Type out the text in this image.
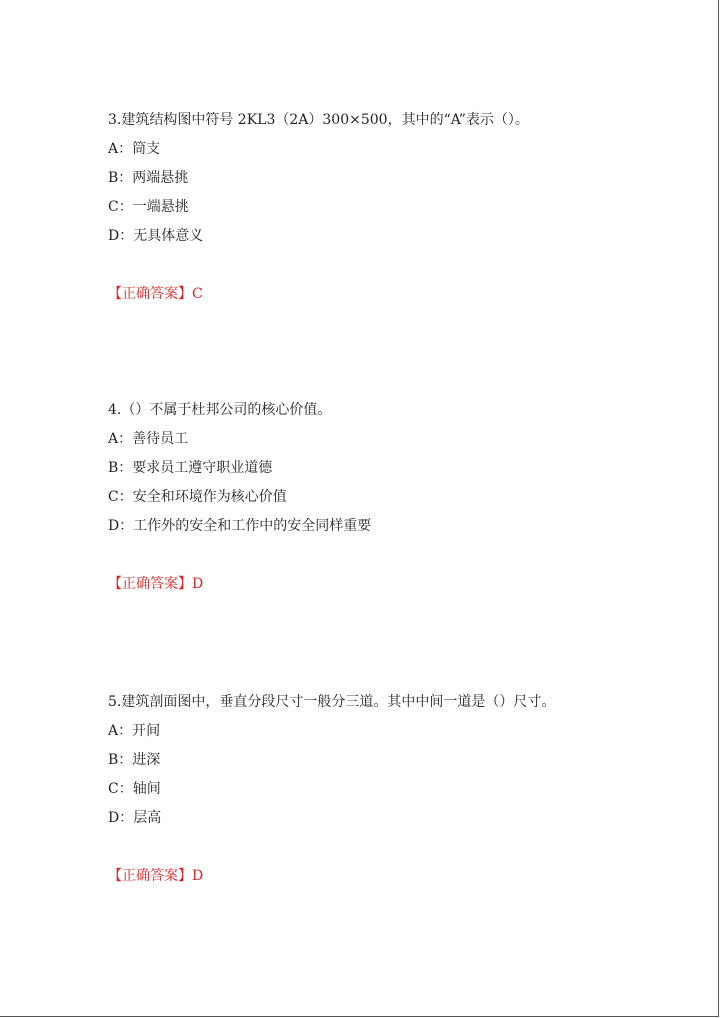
3.建筑结构图中符号 2KL3（2A）300×500，其中的“A”表示（）。
A：筒支
B：两端悬挑
C：一端悬挑
D：无具体意义
【正确答案】C
4.（）不属于杜邦公司的核心价值。
A：善待员工
B：要求员工遵守职业道德
C：安全和环境作为核心价值
D：工作外的安全和工作中的安全同样重要
【正确答案】D
5.建筑剖面图中，垂直分段尺寸一般分三道。其中中间一道是（）尺寸。
A：开间
B：进深
C：轴间
D：层高
【正确答案】D
